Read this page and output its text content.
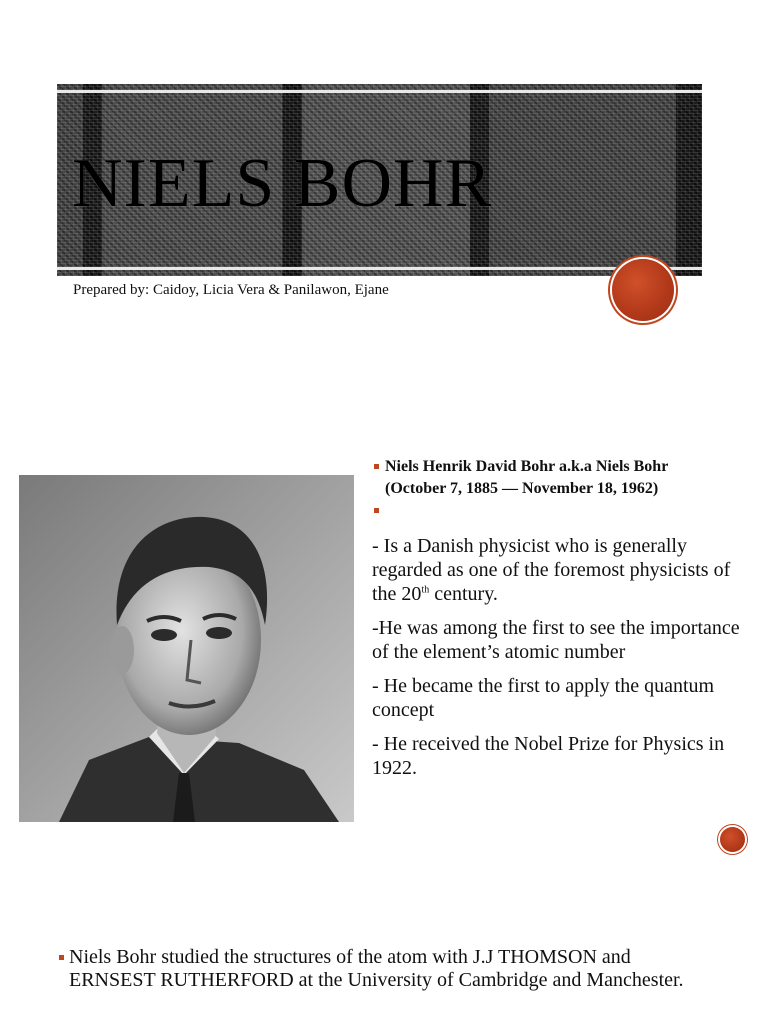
NIELS BOHR
Prepared by: Caidoy, Licia Vera & Panilawon, Ejane
Niels Henrik David Bohr a.k.a Niels Bohr
(October 7, 1885 — November 18, 1962)
- Is a Danish physicist who is generally regarded as one of the foremost physicists of the 20th century.
-He was among the first to see the importance of the element’s atomic number
- He became the first to apply the quantum concept
- He received the Nobel Prize for Physics in 1922.
Niels Bohr studied the structures of the atom with J.J THOMSON and ERNSEST RUTHERFORD at the University of Cambridge and Manchester.
